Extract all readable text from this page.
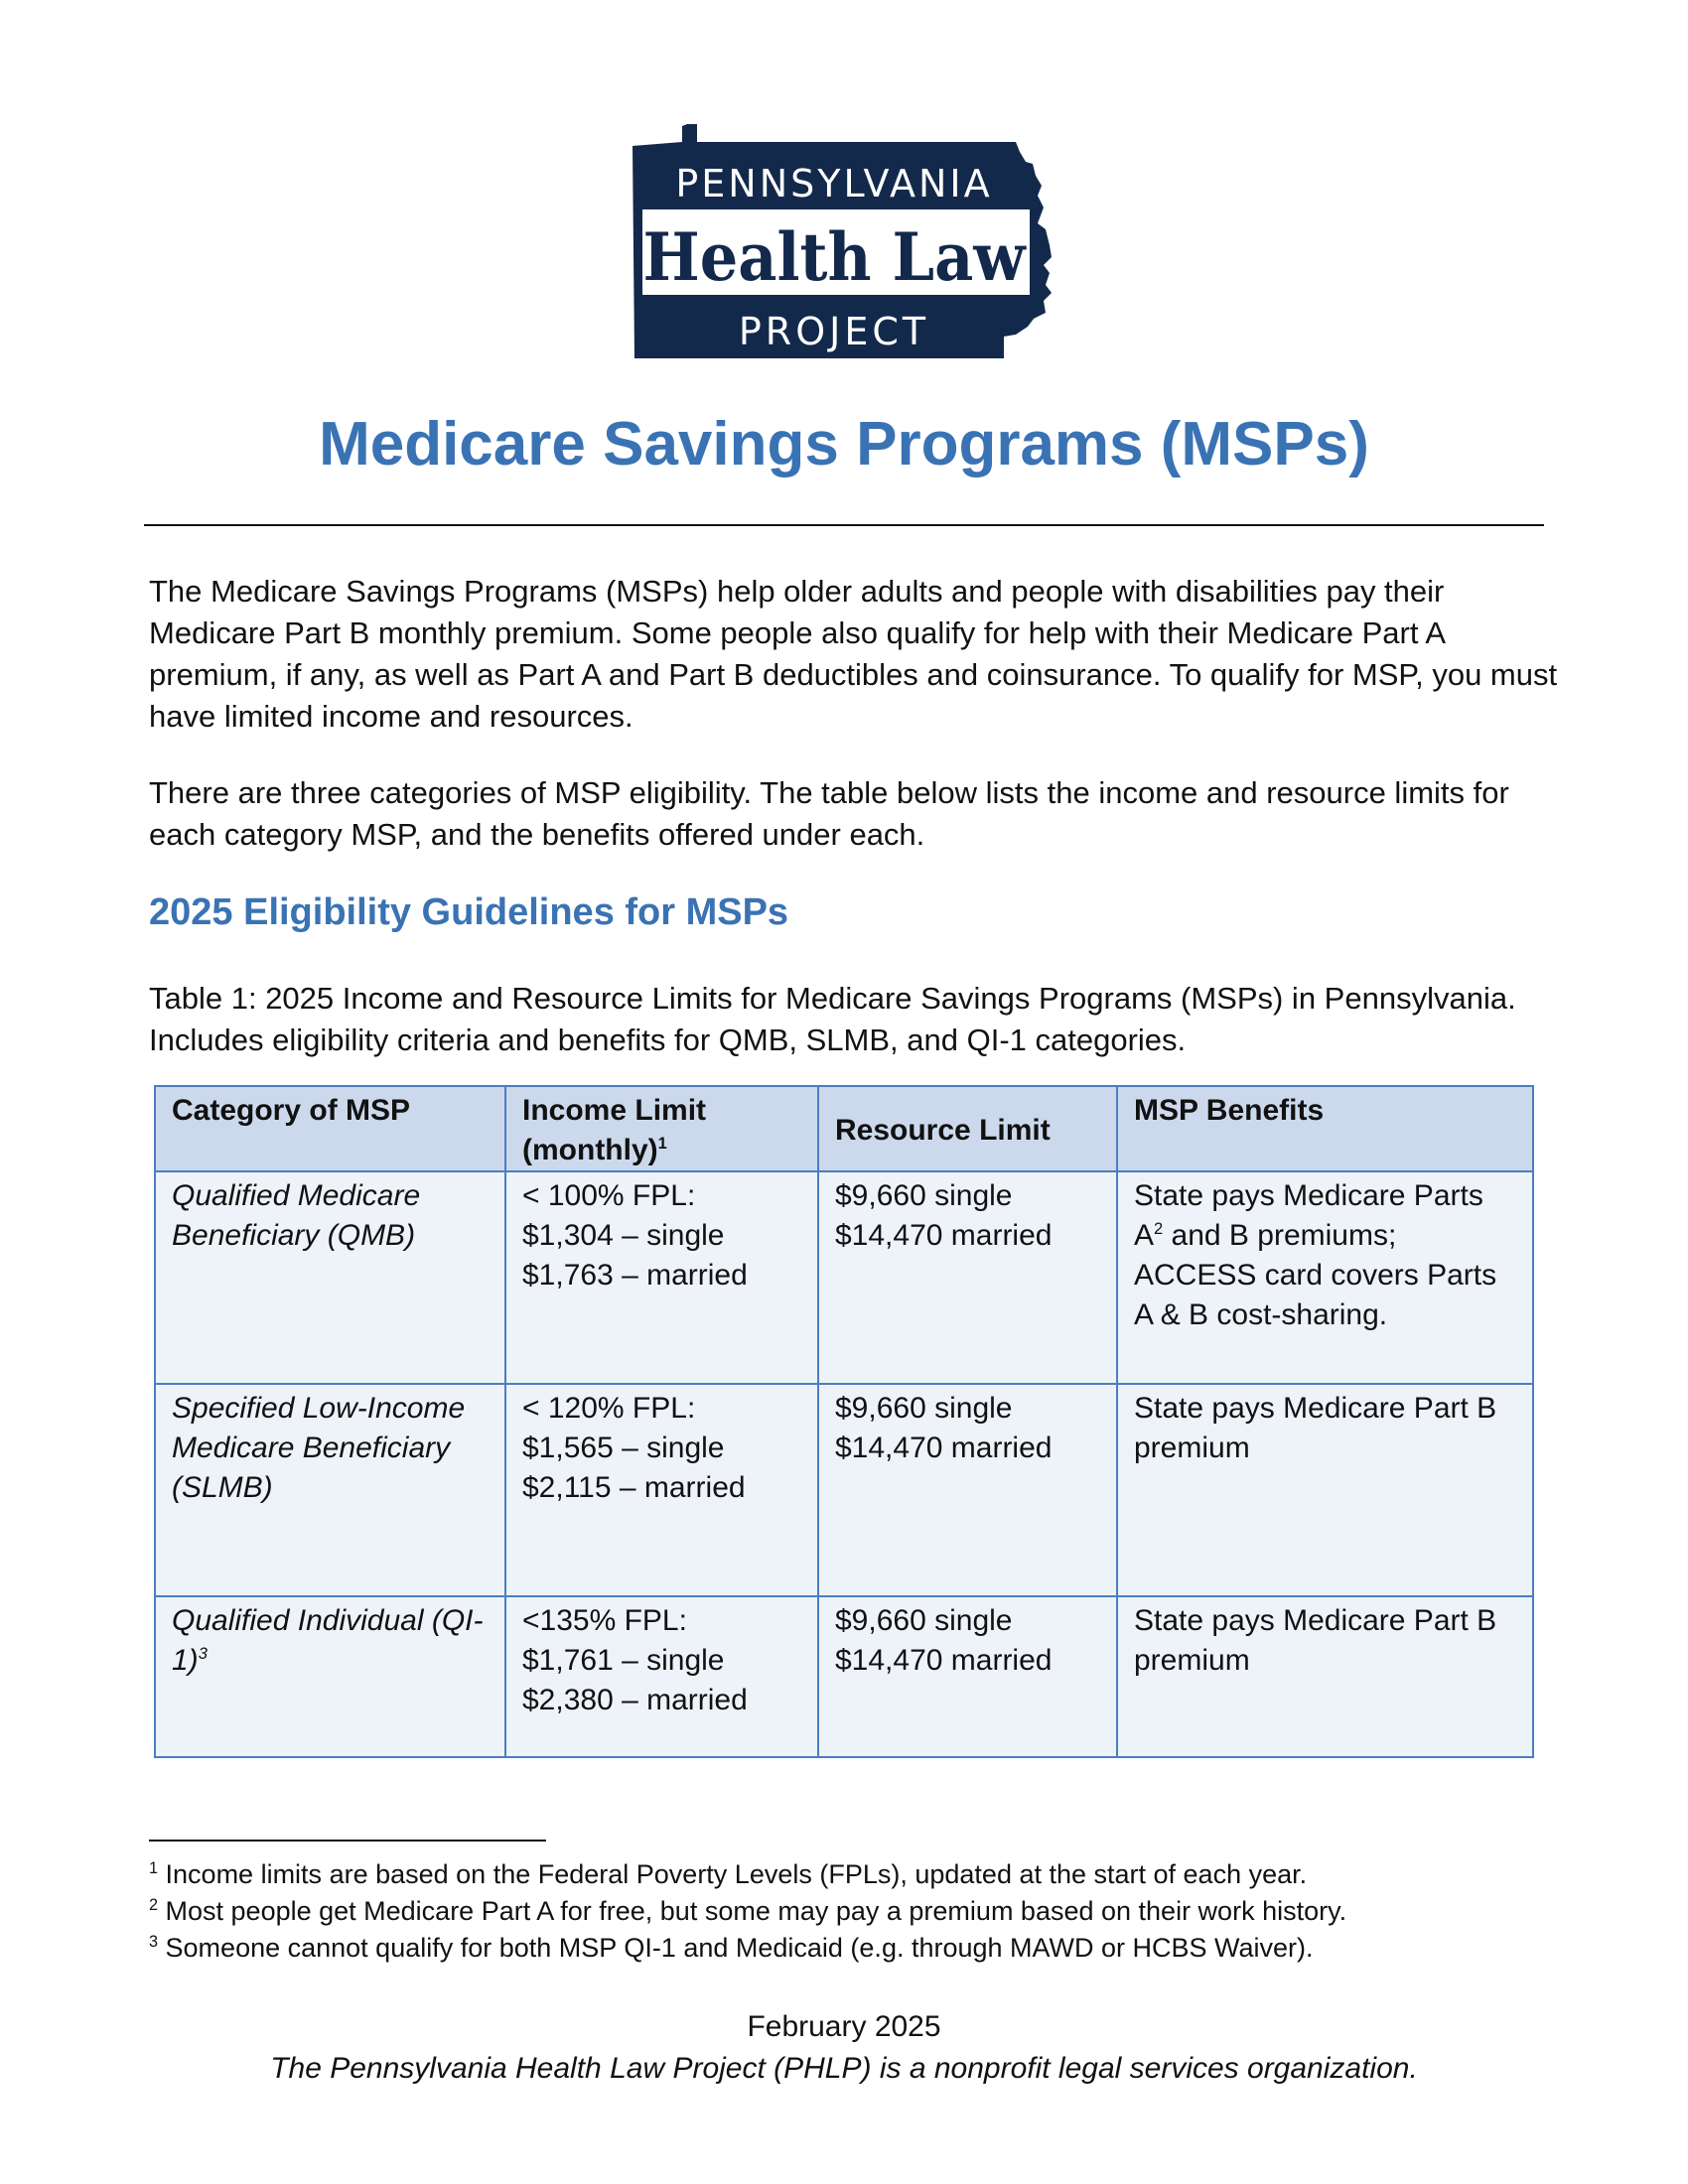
PENNSYLVANIA
Health Law
PROJECT
Medicare Savings Programs (MSPs)

The Medicare Savings Programs (MSPs) help older adults and people with disabilities pay their Medicare Part B monthly premium. Some people also qualify for help with their Medicare Part A premium, if any, as well as Part A and Part B deductibles and coinsurance. To qualify for MSP, you must have limited income and resources.

There are three categories of MSP eligibility. The table below lists the income and resource limits for each category MSP, and the benefits offered under each.

2025 Eligibility Guidelines for MSPs

Table 1: 2025 Income and Resource Limits for Medicare Savings Programs (MSPs) in Pennsylvania. Includes eligibility criteria and benefits for QMB, SLMB, and QI-1 categories.

Category of MSP	Income Limit (monthly)$^1$	Resource Limit	MSP Benefits
Qualified Medicare Beneficiary (QMB)	< 100% FPL:
$1,304 – single
$1,763 – married	$9,660 single
$14,470 married	State pays Medicare Parts $A^2$ and B premiums; ACCESS card covers Parts A & B cost-sharing.
Specified Low-Income Medicare Beneficiary (SLMB)	< 120% FPL:
$1,565 – single
$2,115 – married	$9,660 single
$14,470 married	State pays Medicare Part B premium
Qualified Individual $(QI-1)^3$	<135% FPL:
$1,761 – single
$2,380 – married	$9,660 single
$14,470 married	State pays Medicare Part B premium
$^1$ Income limits are based on the Federal Poverty Levels (FPLs), updated at the start of each year.
$^2$ Most people get Medicare Part A for free, but some may pay a premium based on their work history.
$^3$ Someone cannot qualify for both MSP QI-1 and Medicaid (e.g. through MAWD or HCBS Waiver).

February 2025

The Pennsylvania Health Law Project (PHLP) is a nonprofit legal services organization.
